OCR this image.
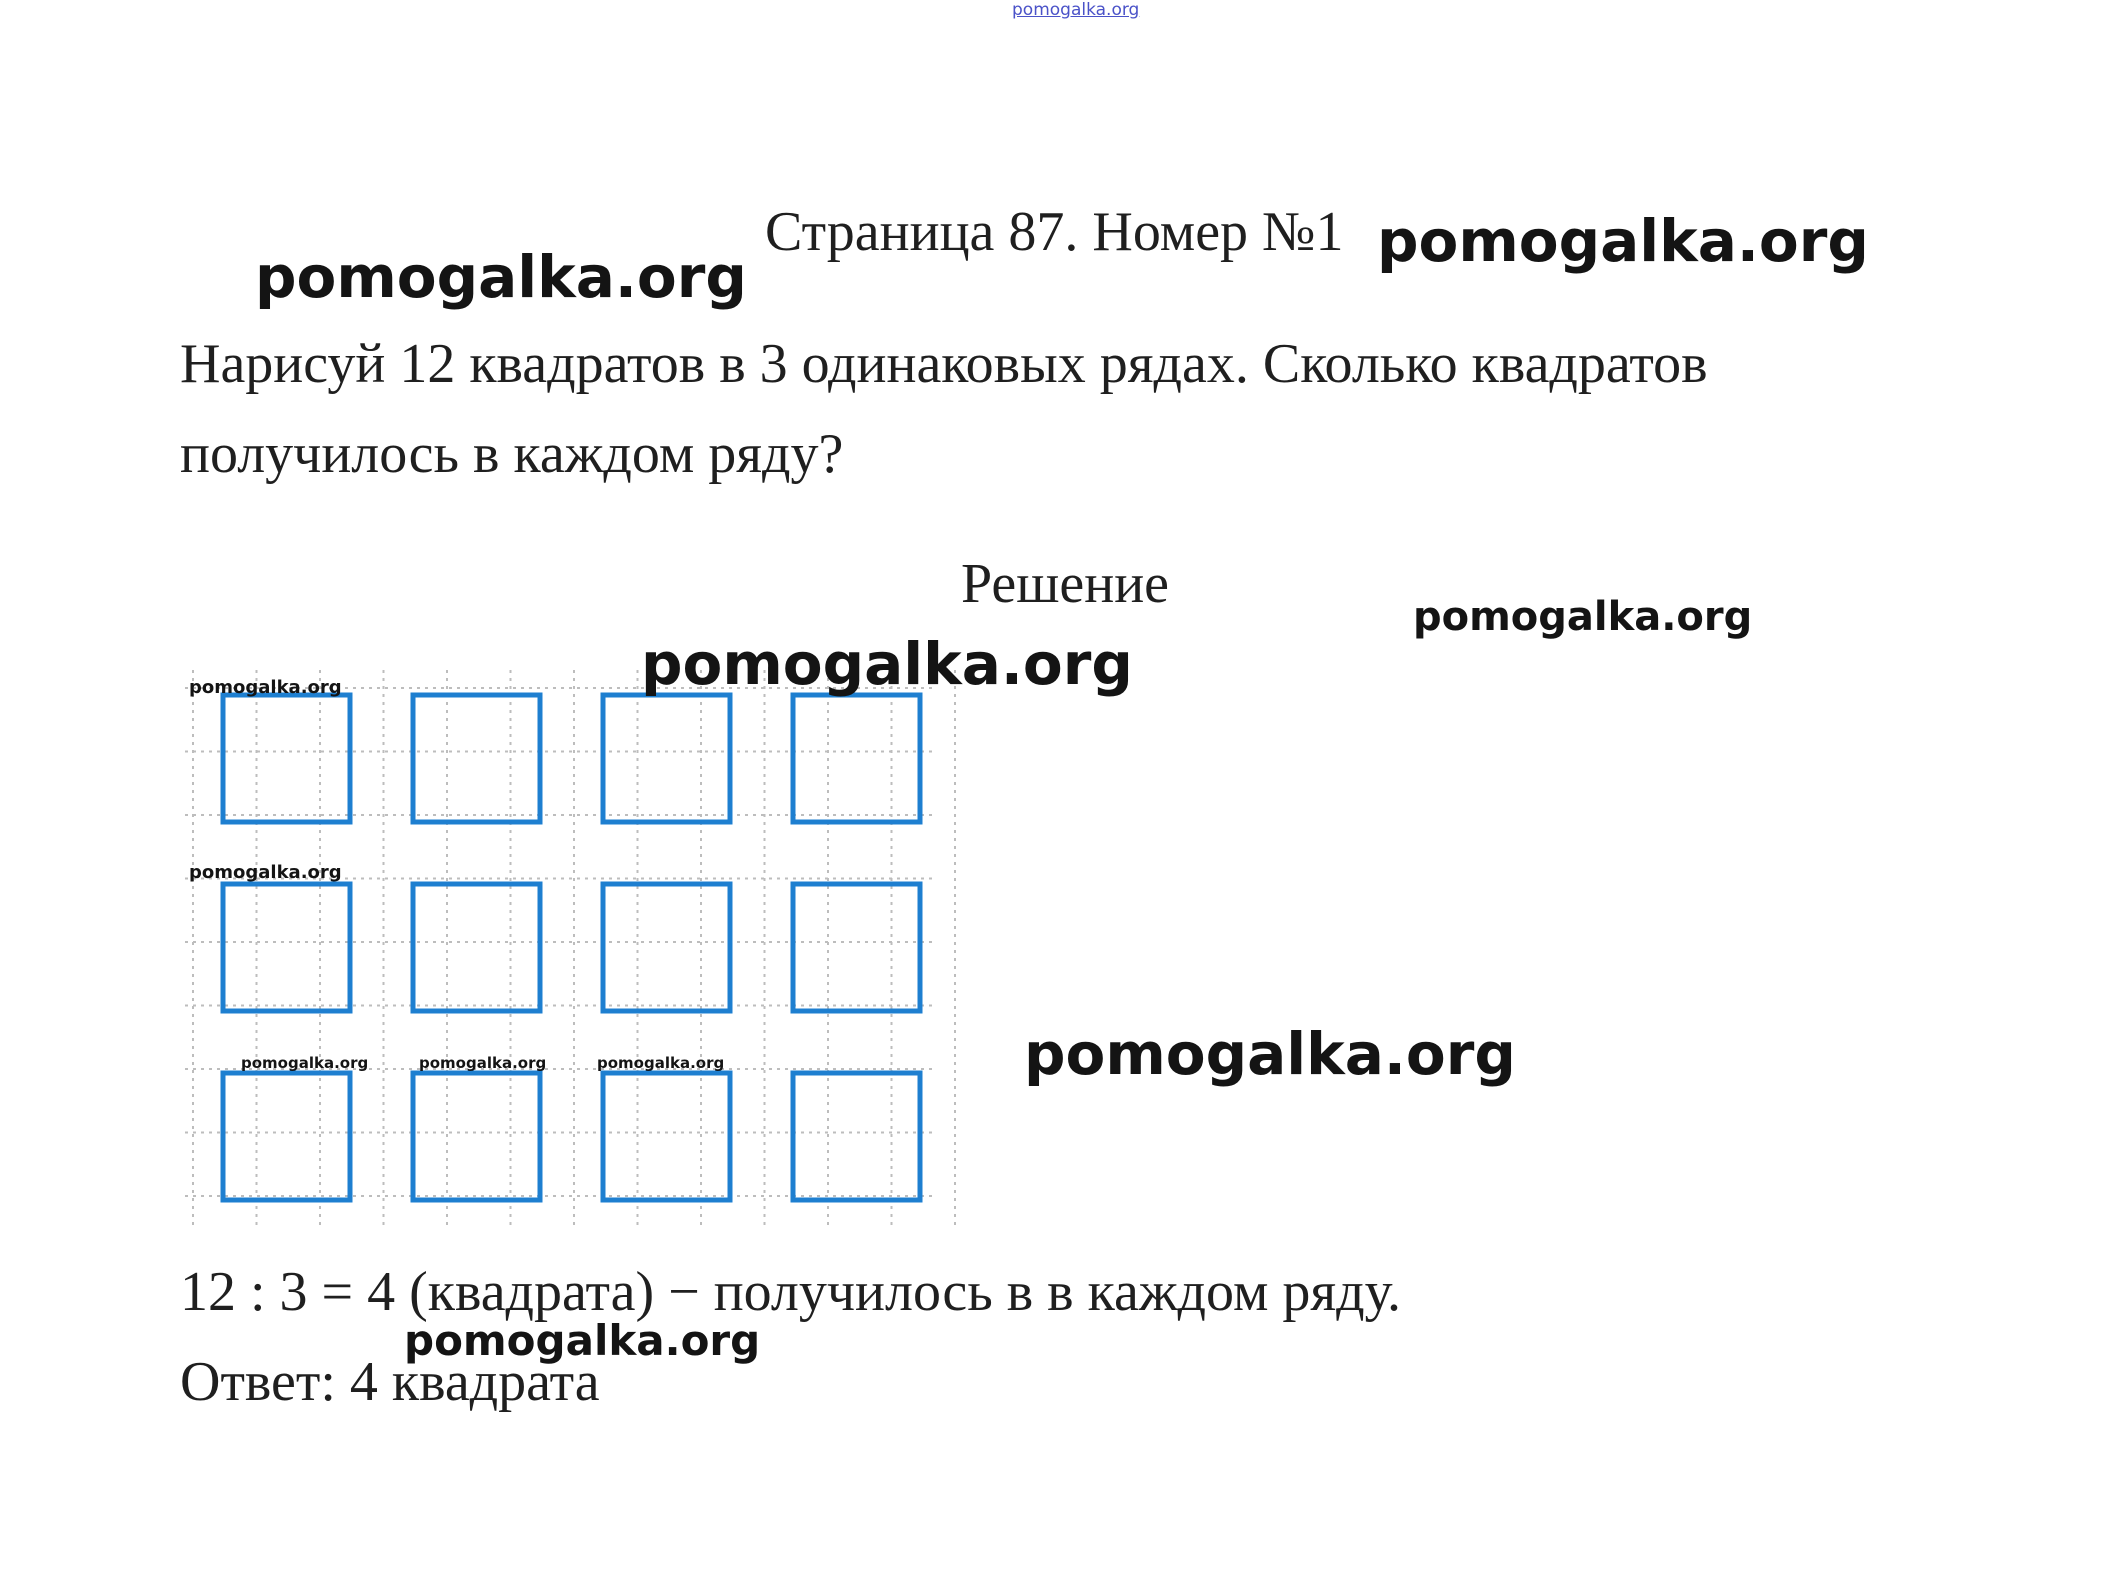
pomogalka.org
Страница 87. Номер №1
Нарисуй 12 квадратов в 3 одинаковых рядах. Сколько квадратов
получилось в каждом ряду?
Решение
pomogalka.org
pomogalka.org
pomogalka.org
pomogalka.org
pomogalka.org
pomogalka.org
pomogalka.org
pomogalka.org	pomogalka.org	pomogalka.org
12 : 3 = 4 (квадрата) − получилось в в каждом ряду.
Ответ: 4 квадрата
pomogalka.org
